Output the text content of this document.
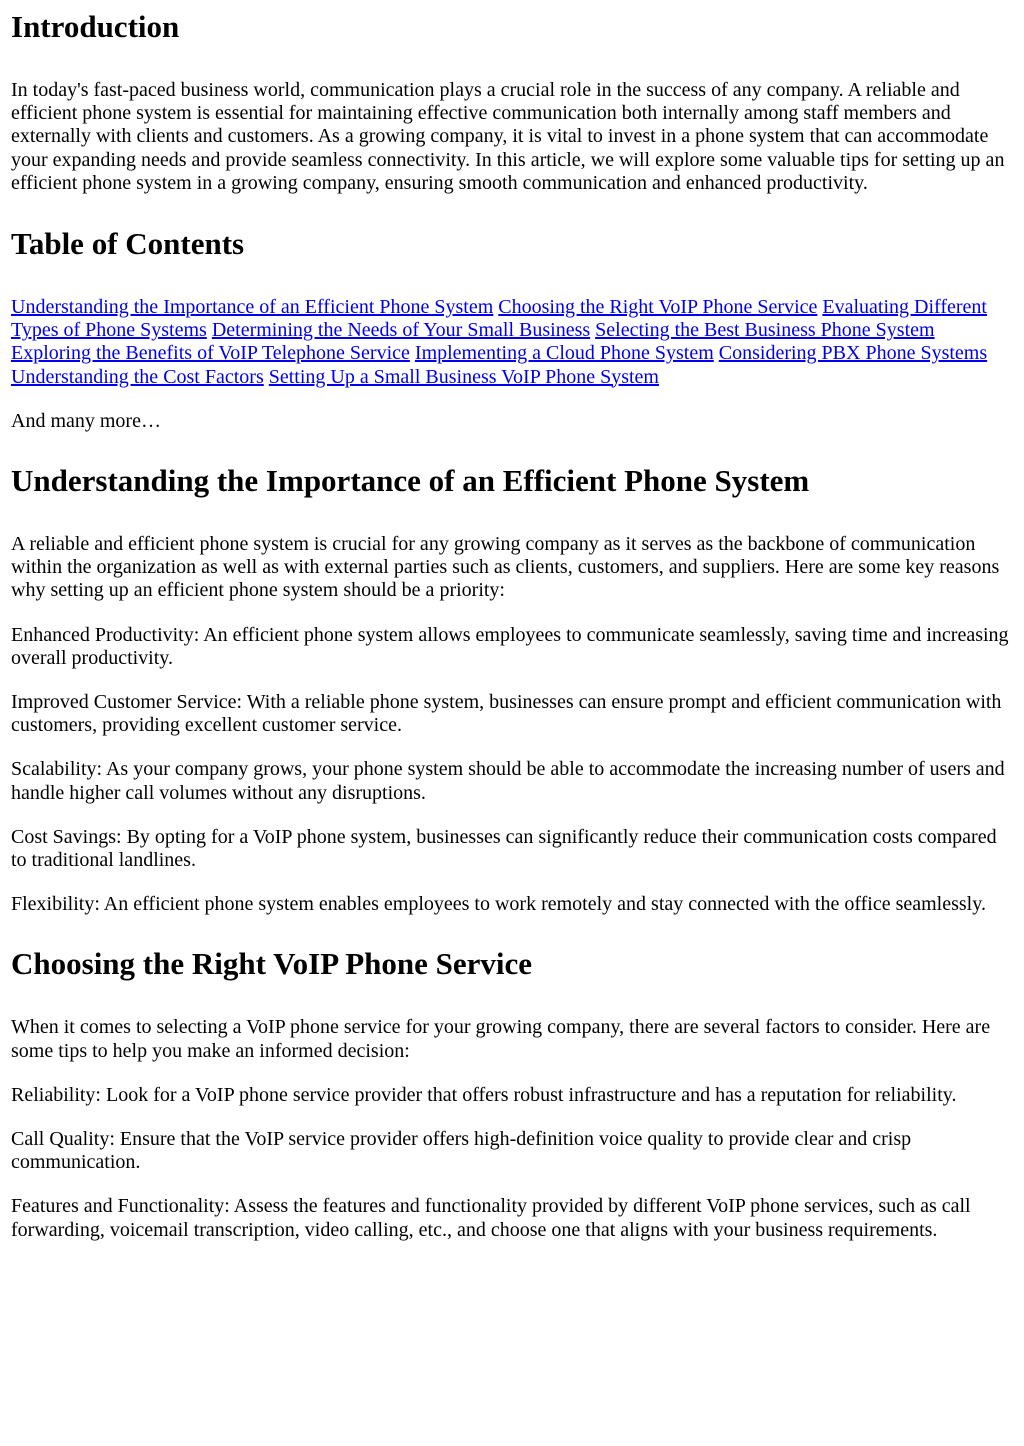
Introduction

In today's fast-paced business world, communication plays a crucial role in the success of any company. A reliable and efficient phone system is essential for maintaining effective communication both internally among staff members and externally with clients and customers. As a growing company, it is vital to invest in a phone system that can accommodate your expanding needs and provide seamless connectivity. In this article, we will explore some valuable tips for setting up an efficient phone system in a growing company, ensuring smooth communication and enhanced productivity.

Table of Contents

Understanding the Importance of an Efficient Phone System Choosing the Right VoIP Phone Service Evaluating Different Types of Phone Systems Determining the Needs of Your Small Business Selecting the Best Business Phone System Exploring the Benefits of VoIP Telephone Service Implementing a Cloud Phone System Considering PBX Phone Systems Understanding the Cost Factors Setting Up a Small Business VoIP Phone System

And many more…

Understanding the Importance of an Efficient Phone System

A reliable and efficient phone system is crucial for any growing company as it serves as the backbone of communication within the organization as well as with external parties such as clients, customers, and suppliers. Here are some key reasons why setting up an efficient phone system should be a priority:

Enhanced Productivity: An efficient phone system allows employees to communicate seamlessly, saving time and increasing overall productivity.

Improved Customer Service: With a reliable phone system, businesses can ensure prompt and efficient communication with customers, providing excellent customer service.

Scalability: As your company grows, your phone system should be able to accommodate the increasing number of users and handle higher call volumes without any disruptions.

Cost Savings: By opting for a VoIP phone system, businesses can significantly reduce their communication costs compared to traditional landlines.

Flexibility: An efficient phone system enables employees to work remotely and stay connected with the office seamlessly.

Choosing the Right VoIP Phone Service

When it comes to selecting a VoIP phone service for your growing company, there are several factors to consider. Here are some tips to help you make an informed decision:

Reliability: Look for a VoIP phone service provider that offers robust infrastructure and has a reputation for reliability.

Call Quality: Ensure that the VoIP service provider offers high-definition voice quality to provide clear and crisp communication.

Features and Functionality: Assess the features and functionality provided by different VoIP phone services, such as call forwarding, voicemail transcription, video calling, etc., and choose one that aligns with your business requirements.
